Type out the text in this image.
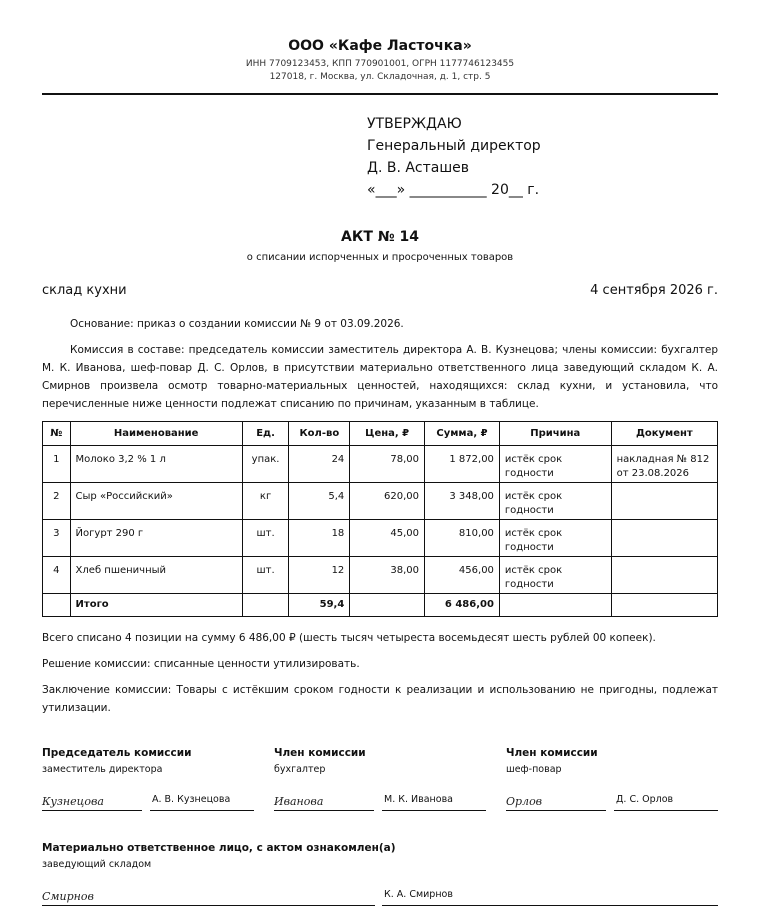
ООО «Кафе Ласточка»
ИНН 7709123453, КПП 770901001, ОГРН 1177746123455
127018, г. Москва, ул. Складочная, д. 1, стр. 5
УТВЕРЖДАЮ
Генеральный директор
Д. В. Асташев
«___» ___________ 20__ г.
АКТ № 14
о списании испорченных и просроченных товаров
склад кухни	4 сентября 2026 г.
Основание: приказ о создании комиссии № 9 от 03.09.2026.
Комиссия в составе: председатель комиссии заместитель директора А. В. Кузнецова; члены комиссии: бухгалтер М. К. Иванова, шеф-повар Д. С. Орлов, в присутствии материально ответственного лица заведующий складом К. А. Смирнов произвела осмотр товарно-материальных ценностей, находящихся: склад кухни, и установила, что перечисленные ниже ценности подлежат списанию по причинам, указанным в таблице.
№	Наименование	Ед.	Кол-во	Цена, ₽	Сумма, ₽	Причина	Документ
1	Молоко 3,2 % 1 л	упак.	24	78,00	1 872,00	истёк срок годности	накладная № 812 от 23.08.2026
2	Сыр «Российский»	кг	5,4	620,00	3 348,00	истёк срок годности	
3	Йогурт 290 г	шт.	18	45,00	810,00	истёк срок годности	
4	Хлеб пшеничный	шт.	12	38,00	456,00	истёк срок годности	
	Итого		59,4		6 486,00		
Всего списано 4 позиции на сумму 6 486,00 ₽ (шесть тысяч четыреста восемьдесят шесть рублей 00 копеек).
Решение комиссии: списанные ценности утилизировать.
Заключение комиссии: Товары с истёкшим сроком годности к реализации и использованию не пригодны, подлежат утилизации.
Председатель комиссии
заместитель директора
Кузнецова	А. В. Кузнецова
Член комиссии
бухгалтер
Иванова	М. К. Иванова
Член комиссии
шеф-повар
Орлов	Д. С. Орлов
Материально ответственное лицо, с актом ознакомлен(а)
заведующий складом
Смирнов	К. А. Смирнов
